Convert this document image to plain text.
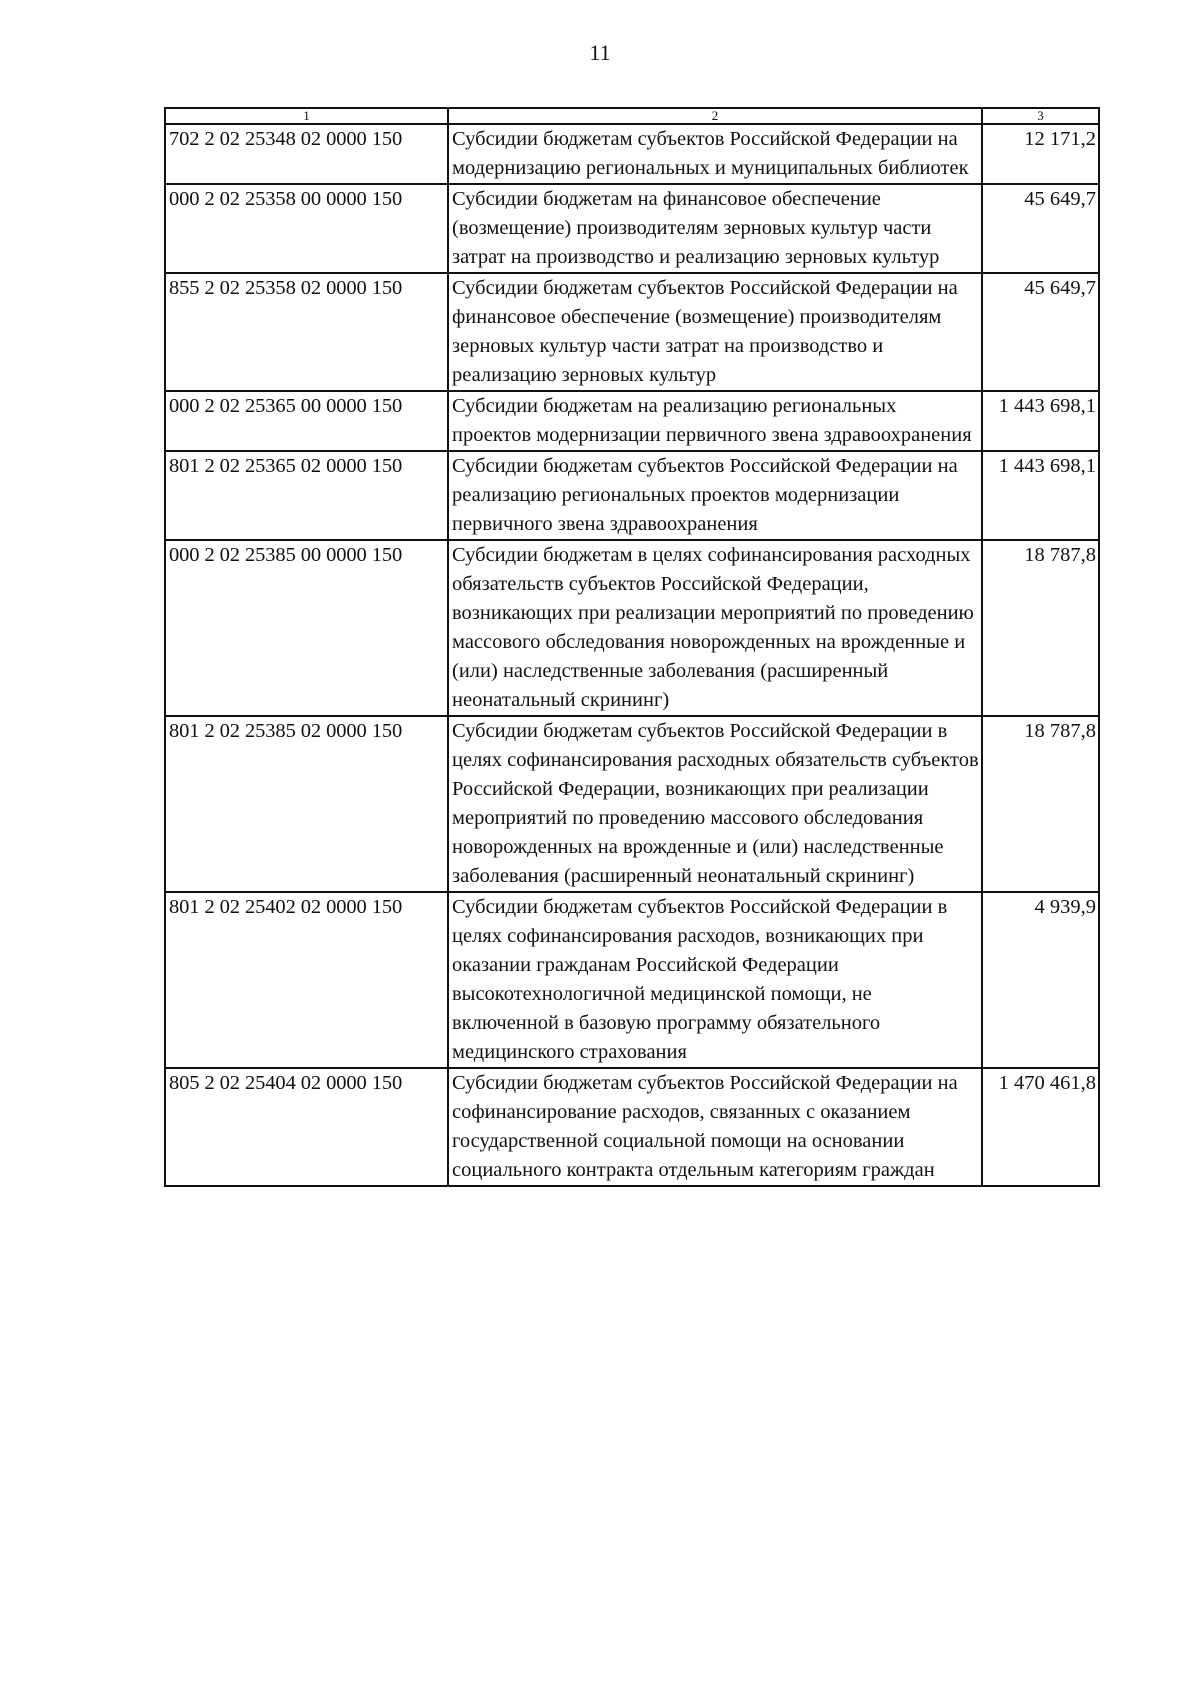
11
1	2	3
702 2 02 25348 02 0000 150	Субсидии бюджетам субъектов Российской Федерации на модернизацию региональных и муниципальных библиотек	12 171,2
000 2 02 25358 00 0000 150	Субсидии бюджетам на финансовое обеспечение (возмещение) производителям зерновых культур части затрат на производство и реализацию зерновых культур	45 649,7
855 2 02 25358 02 0000 150	Субсидии бюджетам субъектов Российской Федерации на финансовое обеспечение (возмещение) производителям зерновых культур части затрат на производство и реализацию зерновых культур	45 649,7
000 2 02 25365 00 0000 150	Субсидии бюджетам на реализацию региональных проектов модернизации первичного звена здравоохранения	1 443 698,1
801 2 02 25365 02 0000 150	Субсидии бюджетам субъектов Российской Федерации на реализацию региональных проектов модернизации первичного звена здравоохранения	1 443 698,1
000 2 02 25385 00 0000 150	Субсидии бюджетам в целях софинансирования расходных обязательств субъектов Российской Федерации, возникающих при реализации мероприятий по проведению массового обследования новорожденных на врожденные и (или) наследственные заболевания (расширенный неонатальный скрининг)	18 787,8
801 2 02 25385 02 0000 150	Субсидии бюджетам субъектов Российской Федерации в целях софинансирования расходных обязательств субъектов Российской Федерации, возникающих при реализации мероприятий по проведению массового обследования новорожденных на врожденные и (или) наследственные заболевания (расширенный неонатальный скрининг)	18 787,8
801 2 02 25402 02 0000 150	Субсидии бюджетам субъектов Российской Федерации в целях софинансирования расходов, возникающих при оказании гражданам Российской Федерации высокотехнологичной медицинской помощи, не включенной в базовую программу обязательного медицинского страхования	4 939,9
805 2 02 25404 02 0000 150	Субсидии бюджетам субъектов Российской Федерации на софинансирование расходов, связанных с оказанием государственной социальной помощи на основании социального контракта отдельным категориям граждан	1 470 461,8
